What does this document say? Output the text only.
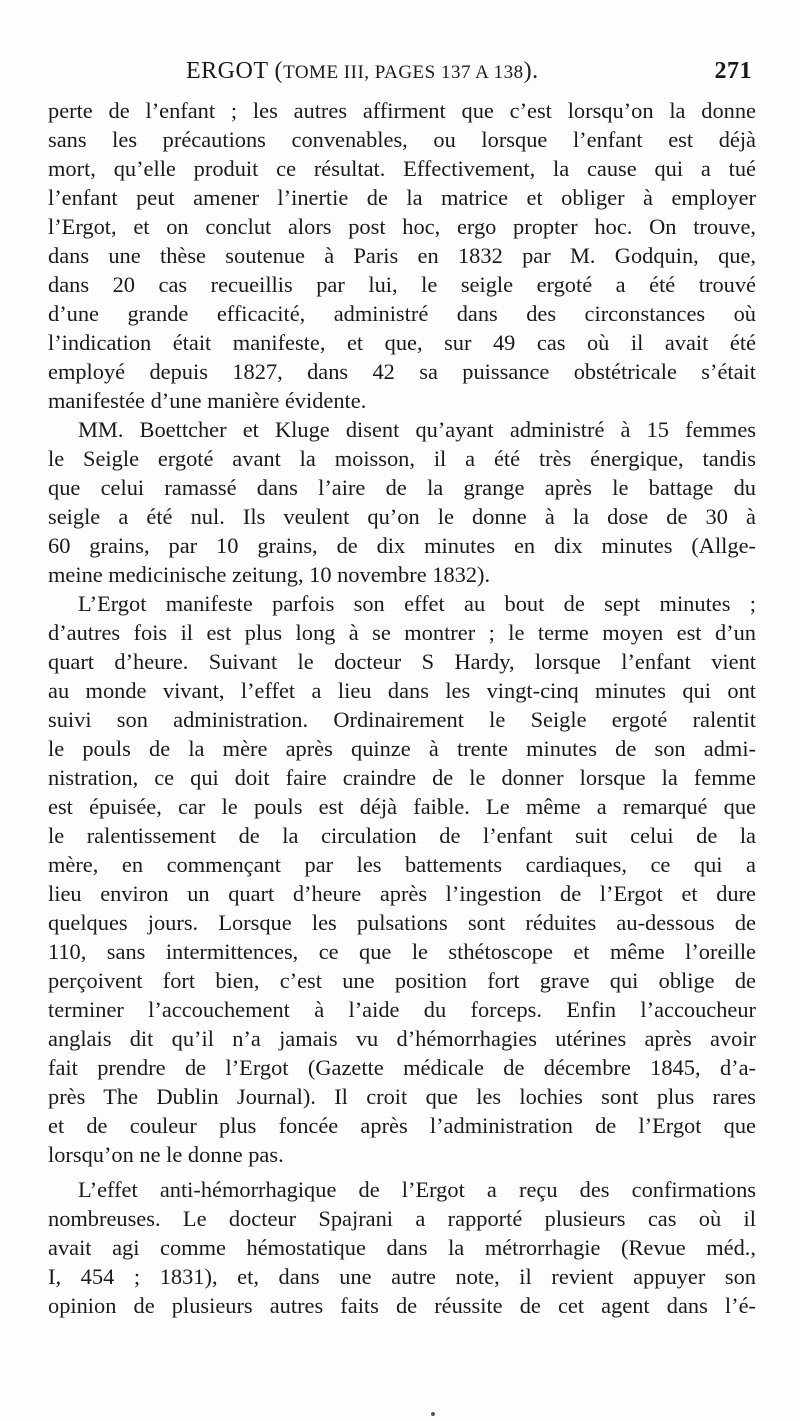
ERGOT (TOME III, PAGES 137 A 138).	271
perte de l’enfant ; les autres affirment que c’est lorsqu’on la donne
sans les précautions convenables, ou lorsque l’enfant est déjà
mort, qu’elle produit ce résultat. Effectivement, la cause qui a tué
l’enfant peut amener l’inertie de la matrice et obliger à employer
l’Ergot, et on conclut alors post hoc, ergo propter hoc. On trouve,
dans une thèse soutenue à Paris en 1832 par M. Godquin, que,
dans 20 cas recueillis par lui, le seigle ergoté a été trouvé
d’une grande efficacité, administré dans des circonstances où
l’indication était manifeste, et que, sur 49 cas où il avait été
employé depuis 1827, dans 42 sa puissance obstétricale s’était
manifestée d’une manière évidente.
MM. Boettcher et Kluge disent qu’ayant administré à 15 femmes
le Seigle ergoté avant la moisson, il a été très énergique, tandis
que celui ramassé dans l’aire de la grange après le battage du
seigle a été nul. Ils veulent qu’on le donne à la dose de 30 à
60 grains, par 10 grains, de dix minutes en dix minutes (Allge-
meine medicinische zeitung, 10 novembre 1832).
L’Ergot manifeste parfois son effet au bout de sept minutes ;
d’autres fois il est plus long à se montrer ; le terme moyen est d’un
quart d’heure. Suivant le docteur S Hardy, lorsque l’enfant vient
au monde vivant, l’effet a lieu dans les vingt-cinq minutes qui ont
suivi son administration. Ordinairement le Seigle ergoté ralentit
le pouls de la mère après quinze à trente minutes de son admi-
nistration, ce qui doit faire craindre de le donner lorsque la femme
est épuisée, car le pouls est déjà faible. Le même a remarqué que
le ralentissement de la circulation de l’enfant suit celui de la
mère, en commençant par les battements cardiaques, ce qui a
lieu environ un quart d’heure après l’ingestion de l’Ergot et dure
quelques jours. Lorsque les pulsations sont réduites au-dessous de
110, sans intermittences, ce que le sthétoscope et même l’oreille
perçoivent fort bien, c’est une position fort grave qui oblige de
terminer l’accouchement à l’aide du forceps. Enfin l’accoucheur
anglais dit qu’il n’a jamais vu d’hémorrhagies utérines après avoir
fait prendre de l’Ergot (Gazette médicale de décembre 1845, d’a-
près The Dublin Journal). Il croit que les lochies sont plus rares
et de couleur plus foncée après l’administration de l’Ergot que
lorsqu’on ne le donne pas.
L’effet anti-hémorrhagique de l’Ergot a reçu des confirmations
nombreuses. Le docteur Spajrani a rapporté plusieurs cas où il
avait agi comme hémostatique dans la métrorrhagie (Revue méd.,
I, 454 ; 1831), et, dans une autre note, il revient appuyer son
opinion de plusieurs autres faits de réussite de cet agent dans l’é-
